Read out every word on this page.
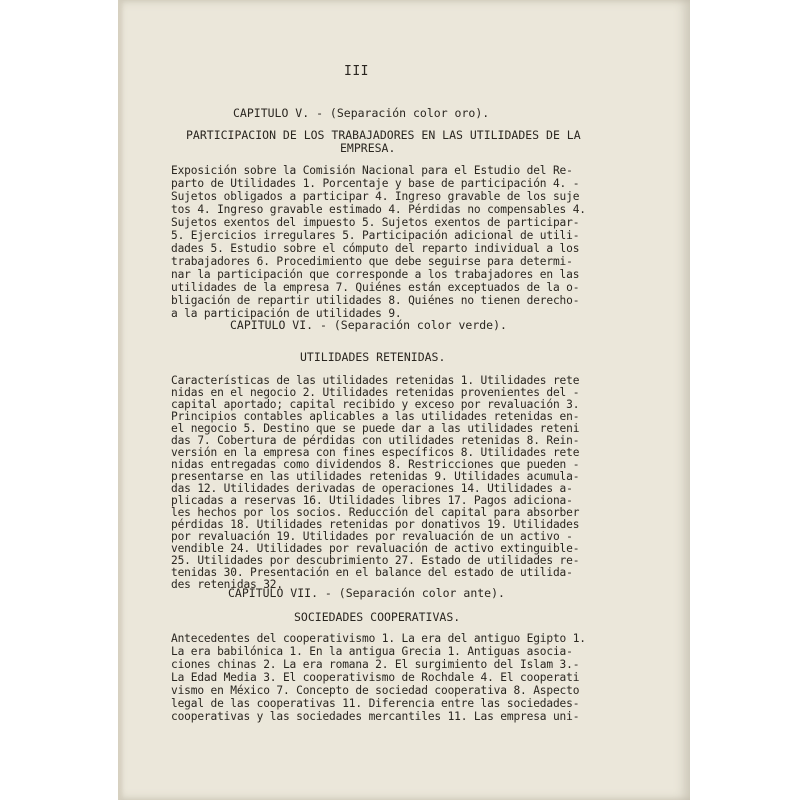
III
CAPITULO V. - (Separación color oro).
PARTICIPACION DE LOS TRABAJADORES EN LAS UTILIDADES DE LA
EMPRESA.
Exposición sobre la Comisión Nacional para el Estudio del Re-
parto de Utilidades 1. Porcentaje y base de participación 4. -
Sujetos obligados a participar 4. Ingreso gravable de los suje
tos 4. Ingreso gravable estimado 4. Pérdidas no compensables 4.
Sujetos exentos del impuesto 5. Sujetos exentos de participar-
5. Ejercicios irregulares 5. Participación adicional de utili-
dades 5. Estudio sobre el cómputo del reparto individual a los
trabajadores 6. Procedimiento que debe seguirse para determi-
nar la participación que corresponde a los trabajadores en las
utilidades de la empresa 7. Quiénes están exceptuados de la o-
bligación de repartir utilidades 8. Quiénes no tienen derecho-
a la participación de utilidades 9.
CAPITULO VI. - (Separación color verde).
UTILIDADES RETENIDAS.
Características de las utilidades retenidas 1. Utilidades rete
nidas en el negocio 2. Utilidades retenidas provenientes del -
capital aportado; capital recibido y exceso por revaluación 3.
Principios contables aplicables a las utilidades retenidas en-
el negocio 5. Destino que se puede dar a las utilidades reteni
das 7. Cobertura de pérdidas con utilidades retenidas 8. Rein-
versión en la empresa con fines específicos 8. Utilidades rete
nidas entregadas como dividendos 8. Restricciones que pueden -
presentarse en las utilidades retenidas 9. Utilidades acumula-
das 12. Utilidades derivadas de operaciones 14. Utilidades a-
plicadas a reservas 16. Utilidades libres 17. Pagos adiciona-
les hechos por los socios. Reducción del capital para absorber
pérdidas 18. Utilidades retenidas por donativos 19. Utilidades
por revaluación 19. Utilidades por revaluación de un activo -
vendible 24. Utilidades por revaluación de activo extinguible-
25. Utilidades por descubrimiento 27. Estado de utilidades re-
tenidas 30. Presentación en el balance del estado de utilida-
des retenidas 32.
CAPITULO VII. - (Separación color ante).
SOCIEDADES COOPERATIVAS.
Antecedentes del cooperativismo 1. La era del antiguo Egipto 1.
La era babilónica 1. En la antigua Grecia 1. Antiguas asocia-
ciones chinas 2. La era romana 2. El surgimiento del Islam 3.-
La Edad Media 3. El cooperativismo de Rochdale 4. El cooperati
vismo en México 7. Concepto de sociedad cooperativa 8. Aspecto
legal de las cooperativas 11. Diferencia entre las sociedades-
cooperativas y las sociedades mercantiles 11. Las empresa uni-
